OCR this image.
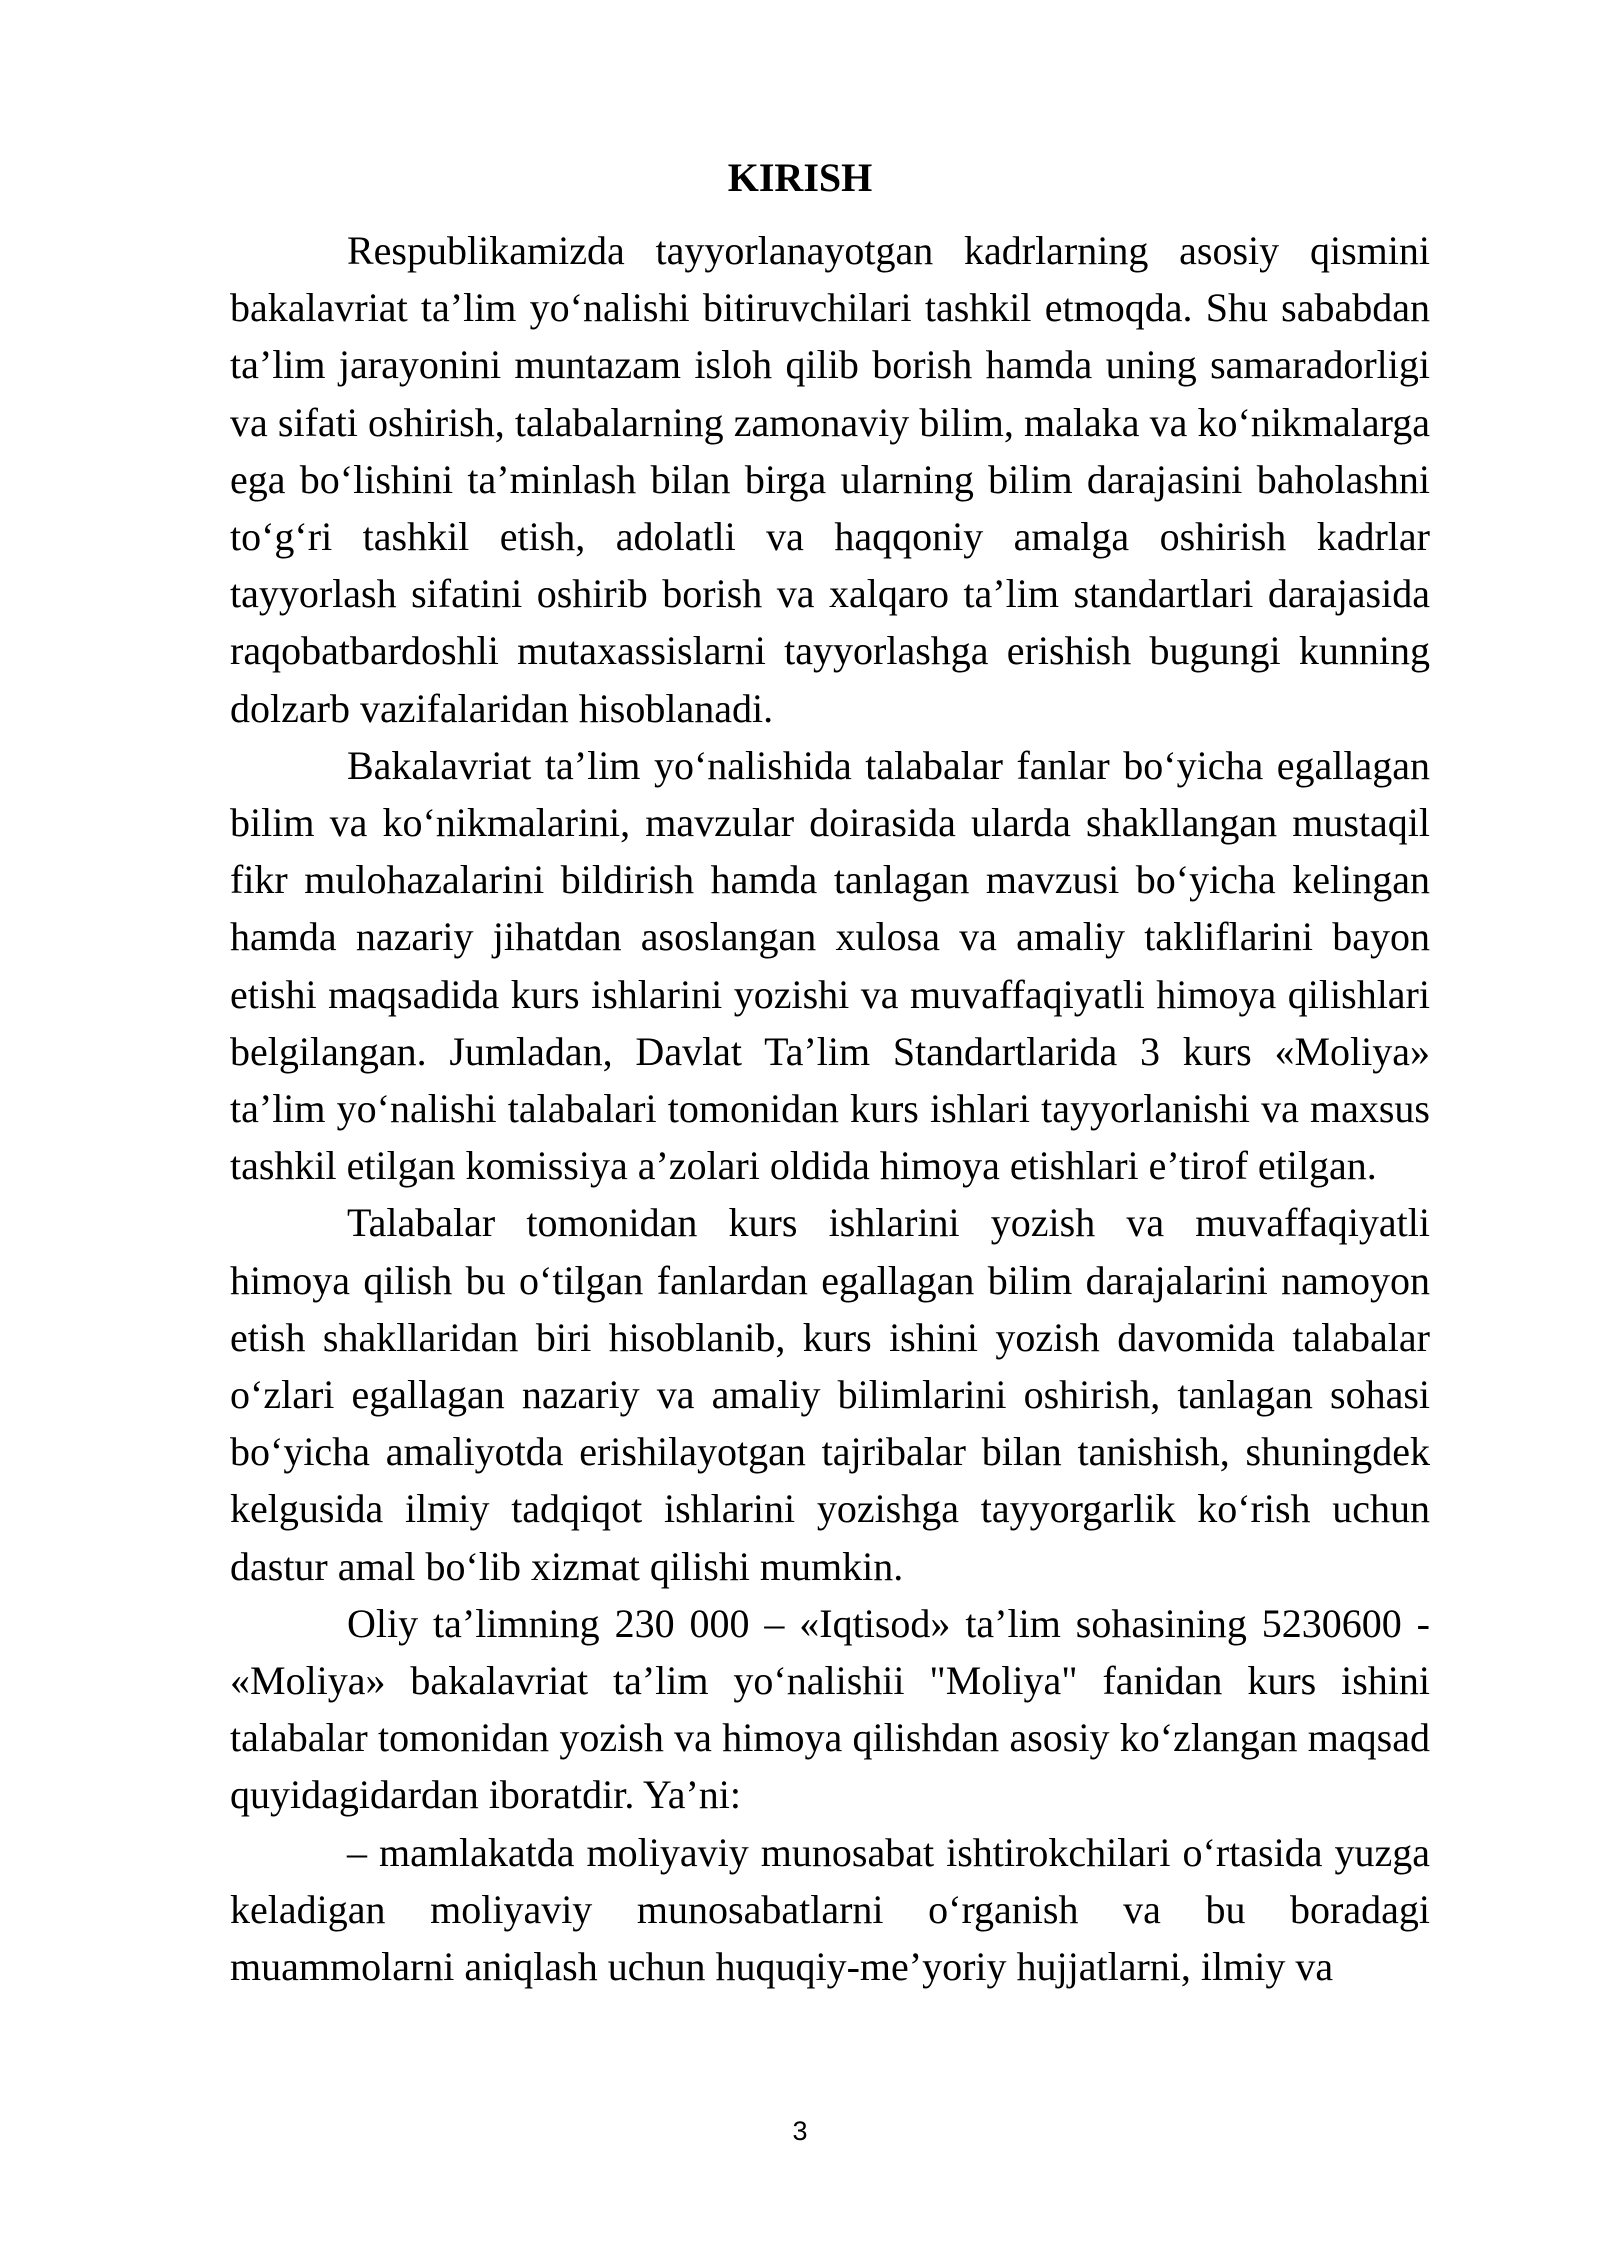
KIRISH

Respublikamizda tayyorlanayotgan kadrlarning asosiy qismini bakalavriat ta’lim yo‘nalishi bitiruvchilari tashkil etmoqda. Shu sababdan ta’lim jarayonini muntazam isloh qilib borish hamda uning samaradorligi va sifati oshirish, talabalarning zamonaviy bilim, malaka va ko‘nikmalarga ega bo‘lishini ta’minlash bilan birga ularning bilim darajasini baholashni to‘g‘ri tashkil etish, adolatli va haqqoniy amalga oshirish kadrlar tayyorlash sifatini oshirib borish va xalqaro ta’lim standartlari darajasida raqobatbardoshli mutaxassislarni tayyorlashga erishish bugungi kunning dolzarb vazifalaridan hisoblanadi.

Bakalavriat ta’lim yo‘nalishida talabalar fanlar bo‘yicha egallagan bilim va ko‘nikmalarini, mavzular doirasida ularda shakllangan mustaqil fikr mulohazalarini bildirish hamda tanlagan mavzusi bo‘yicha kelingan hamda nazariy jihatdan asoslangan xulosa va amaliy takliflarini bayon etishi maqsadida kurs ishlarini yozishi va muvaffaqiyatli himoya qilishlari belgilangan. Jumladan, Davlat Ta’lim Standartlarida 3 kurs «Moliya» ta’lim yo‘nalishi talabalari tomonidan kurs ishlari tayyorlanishi va maxsus tashkil etilgan komissiya a’zolari oldida himoya etishlari e’tirof etilgan.

Talabalar tomonidan kurs ishlarini yozish va muvaffaqiyatli himoya qilish bu o‘tilgan fanlardan egallagan bilim darajalarini namoyon etish shakllaridan biri hisoblanib, kurs ishini yozish davomida talabalar o‘zlari egallagan nazariy va amaliy bilimlarini oshirish, tanlagan sohasi bo‘yicha amaliyotda erishilayotgan tajribalar bilan tanishish, shuningdek kelgusida ilmiy tadqiqot ishlarini yozishga tayyorgarlik ko‘rish uchun dastur amal bo‘lib xizmat qilishi mumkin.

Oliy ta’limning 230 000 – «Iqtisod» ta’lim sohasining 5230600 - «Moliya» bakalavriat ta’lim yo‘nalishii "Moliya" fanidan kurs ishini talabalar tomonidan yozish va himoya qilishdan asosiy ko‘zlangan maqsad quyidagidardan iboratdir. Ya’ni:

– mamlakatda moliyaviy munosabat ishtirokchilari o‘rtasida yuzga keladigan moliyaviy munosabatlarni o‘rganish va bu boradagi muammolarni aniqlash uchun huquqiy-me’yoriy hujjatlarni, ilmiy va

3
